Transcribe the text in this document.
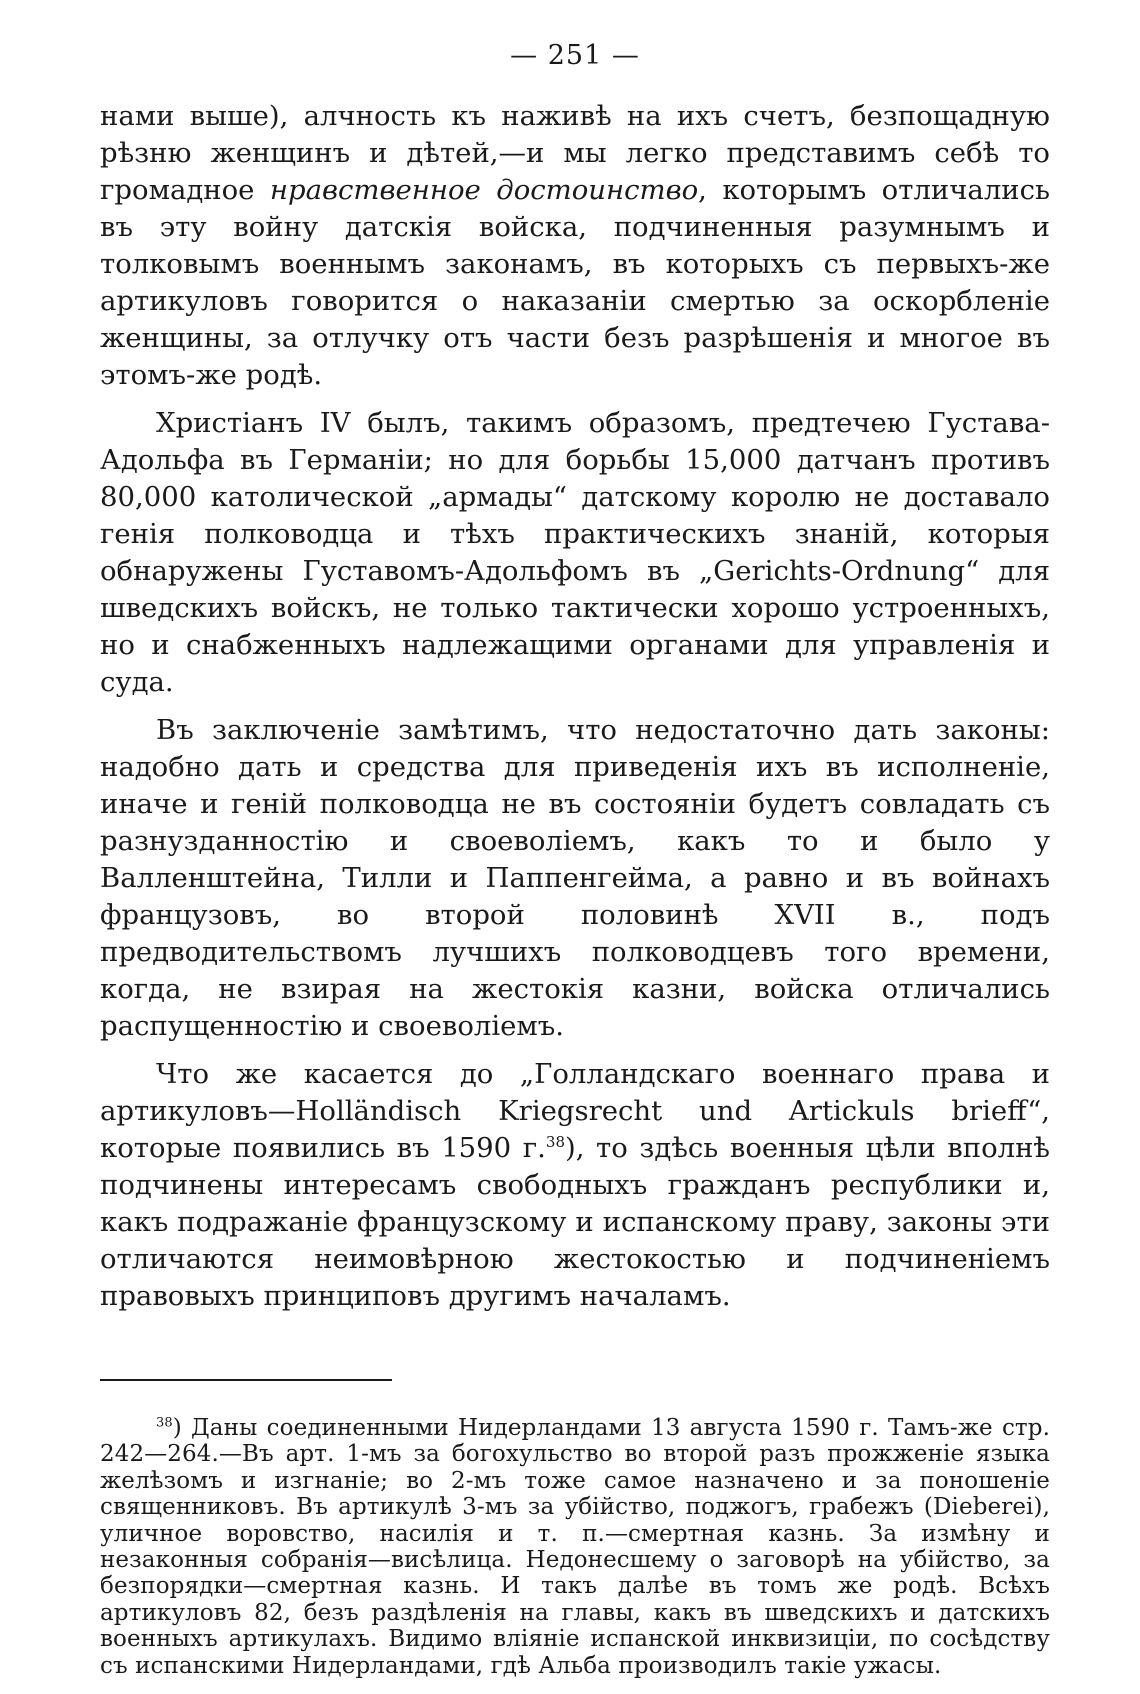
— 251 —

нами выше), алчность къ наживѣ на ихъ счетъ, безпощадную рѣзню женщинъ и дѣтей,—и мы легко представимъ себѣ то громадное нравственное достоинство, которымъ отличались въ эту войну датскія войска, подчиненныя разумнымъ и толковымъ военнымъ законамъ, въ которыхъ съ первыхъ-же артикуловъ говорится о наказаніи смертью за оскорбленіе женщины, за отлучку отъ части безъ разрѣшенія и многое въ этомъ-же родѣ.

Христіанъ IV былъ, такимъ образомъ, предтечею Густава-Адольфа въ Германіи; но для борьбы 15,000 датчанъ противъ 80,000 католической „армады“ датскому королю не доставало генія полководца и тѣхъ практическихъ знаній, которыя обнаружены Густавомъ-Адольфомъ въ „Gerichts-Ordnung“ для шведскихъ войскъ, не только тактически хорошо устроенныхъ, но и снабженныхъ надлежащими органами для управленія и суда.

Въ заключеніе замѣтимъ, что недостаточно дать законы: надобно дать и средства для приведенія ихъ въ исполненіе, иначе и геній полководца не въ состояніи будетъ совладать съ разнузданностію и своеволіемъ, какъ то и было у Валленштейна, Тилли и Паппенгейма, а равно и въ войнахъ французовъ, во второй половинѣ XVII в., подъ предводительствомъ лучшихъ полководцевъ того времени, когда, не взирая на жестокія казни, войска отличались распущенностію и своеволіемъ.

Что же касается до „Голландскаго военнаго права и артикуловъ—Holländisch Kriegsrecht und Artickuls brieff“, которые появились въ 1590 г.$^{38}$), то здѣсь военныя цѣли вполнѣ подчинены интересамъ свободныхъ гражданъ республики и, какъ подражаніе французскому и испанскому праву, законы эти отличаются неимовѣрною жестокостью и подчиненіемъ правовыхъ принциповъ другимъ началамъ.

$^{38}$) Даны соединенными Нидерландами 13 августа 1590 г. Тамъ-же стр. 242—264.—Въ арт. 1-мъ за богохульство во второй разъ прожженіе языка желѣзомъ и изгнаніе; во 2-мъ тоже самое назначено и за поношеніе священниковъ. Въ артикулѣ 3-мъ за убійство, поджогъ, грабежъ (Dieberei), уличное воровство, насилія и т. п.—смертная казнь. За измѣну и незаконныя собранія—висѣлица. Недонесшему о заговорѣ на убійство, за безпорядки—смертная казнь. И такъ далѣе въ томъ же родѣ. Всѣхъ артикуловъ 82, безъ раздѣленія на главы, какъ въ шведскихъ и датскихъ военныхъ артикулахъ. Видимо вліяніе испанской инквизиціи, по сосѣдству съ испанскими Нидерландами, гдѣ Альба производилъ такіе ужасы.
